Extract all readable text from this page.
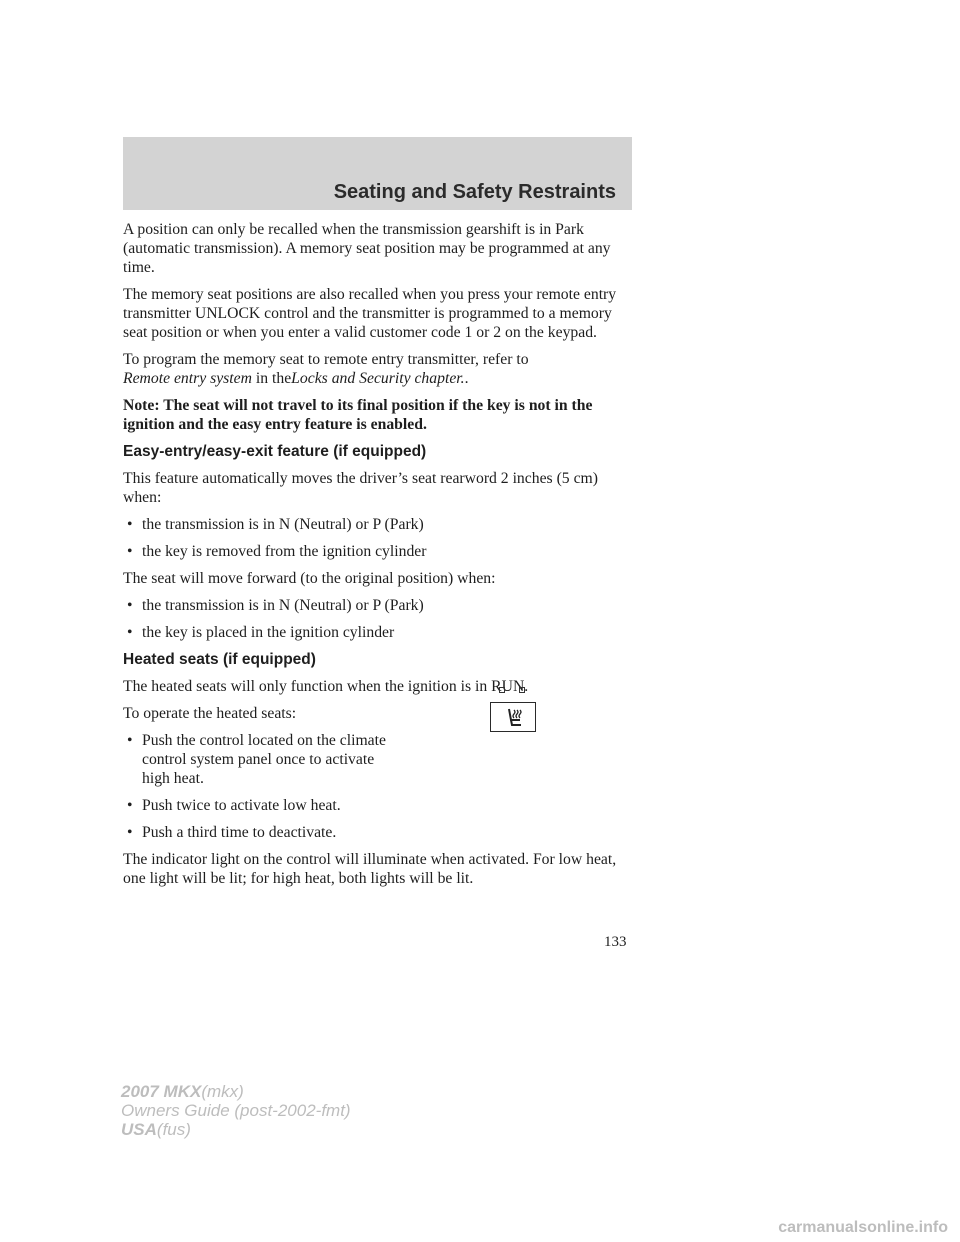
Seating and Safety Restraints

A position can only be recalled when the transmission gearshift is in Park (automatic transmission). A memory seat position may be programmed at any time.

The memory seat positions are also recalled when you press your remote entry transmitter UNLOCK control and the transmitter is programmed to a memory seat position or when you enter a valid customer code 1 or 2 on the keypad.

To program the memory seat to remote entry transmitter, refer to
Remote entry system in theLocks and Security chapter..

Note: The seat will not travel to its final position if the key is not in the ignition and the easy entry feature is enabled.

Easy-entry/easy-exit feature (if equipped)

This feature automatically moves the driver’s seat rearword 2 inches (5 cm) when:

• the transmission is in N (Neutral) or P (Park)
• the key is removed from the ignition cylinder

The seat will move forward (to the original position) when:

• the transmission is in N (Neutral) or P (Park)
• the key is placed in the ignition cylinder
Heated seats (if equipped)

The heated seats will only function when the ignition is in RUN.

To operate the heated seats:

• Push the control located on the climate control system panel once to activate high heat.
• Push twice to activate low heat.
• Push a third time to deactivate.

The indicator light on the control will illuminate when activated. For low heat, one light will be lit; for high heat, both lights will be lit.

133
2007 MKX(mkx)
Owners Guide (post-2002-fmt)
USA(fus)
carmanualsonline.info
